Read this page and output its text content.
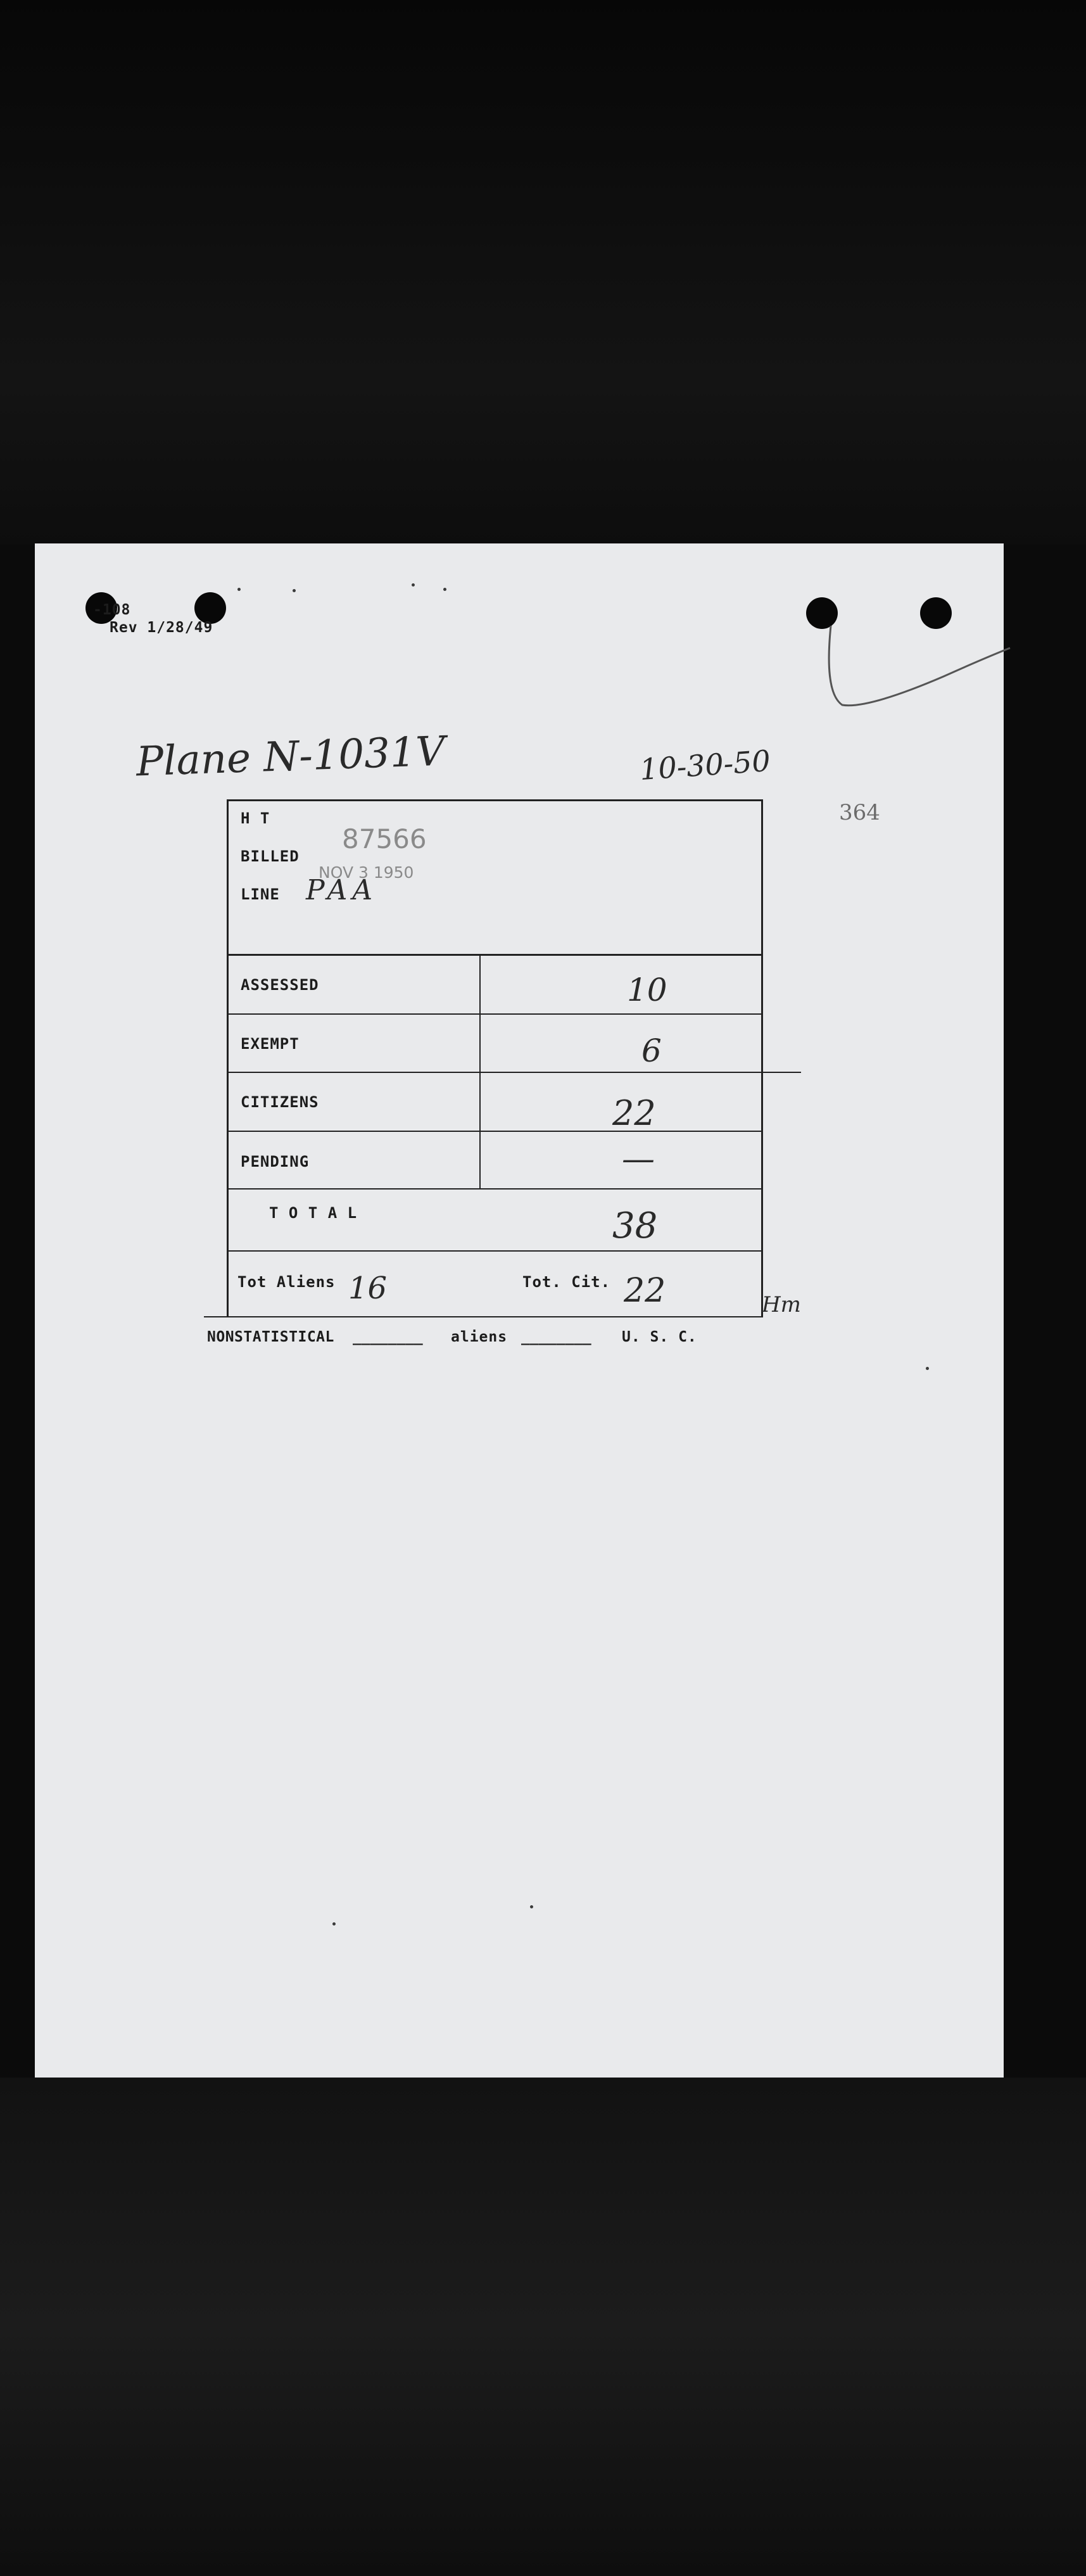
-108
Rev 1/28/49
Plane N-1031V	10-30-50
364
H T
BILLED
87566
NOV 3 1950
LINE PAA
ASSESSED	10
EXEMPT	6
CITIZENS	22
PENDING	—
T O T A L	38
Tot Aliens 16	Tot. Cit. 22	Hm
NONSTATISTICAL ________ aliens ________ U. S. C.
